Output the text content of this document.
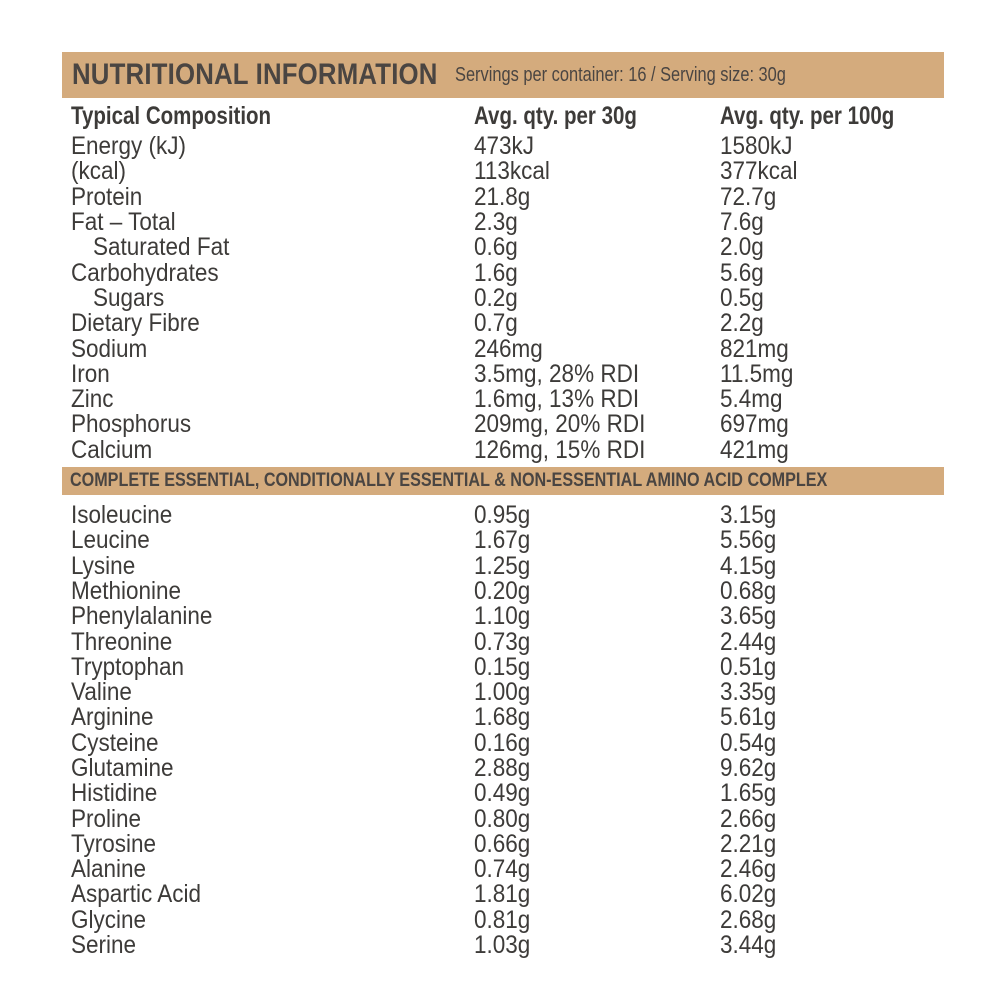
NUTRITIONAL INFORMATION Servings per container: 16 / Serving size: 30g
Typical Composition	Avg. qty. per 30g	Avg. qty. per 100g
Energy (kJ)	473kJ	1580kJ
(kcal)	113kcal	377kcal
Protein	21.8g	72.7g
Fat – Total	2.3g	7.6g
Saturated Fat	0.6g	2.0g
Carbohydrates	1.6g	5.6g
Sugars	0.2g	0.5g
Dietary Fibre	0.7g	2.2g
Sodium	246mg	821mg
Iron	3.5mg, 28% RDI	11.5mg
Zinc	1.6mg, 13% RDI	5.4mg
Phosphorus	209mg, 20% RDI	697mg
Calcium	126mg, 15% RDI	421mg
COMPLETE ESSENTIAL, CONDITIONALLY ESSENTIAL & NON-ESSENTIAL AMINO ACID COMPLEX
Isoleucine	0.95g	3.15g
Leucine	1.67g	5.56g
Lysine	1.25g	4.15g
Methionine	0.20g	0.68g
Phenylalanine	1.10g	3.65g
Threonine	0.73g	2.44g
Tryptophan	0.15g	0.51g
Valine	1.00g	3.35g
Arginine	1.68g	5.61g
Cysteine	0.16g	0.54g
Glutamine	2.88g	9.62g
Histidine	0.49g	1.65g
Proline	0.80g	2.66g
Tyrosine	0.66g	2.21g
Alanine	0.74g	2.46g
Aspartic Acid	1.81g	6.02g
Glycine	0.81g	2.68g
Serine	1.03g	3.44g
